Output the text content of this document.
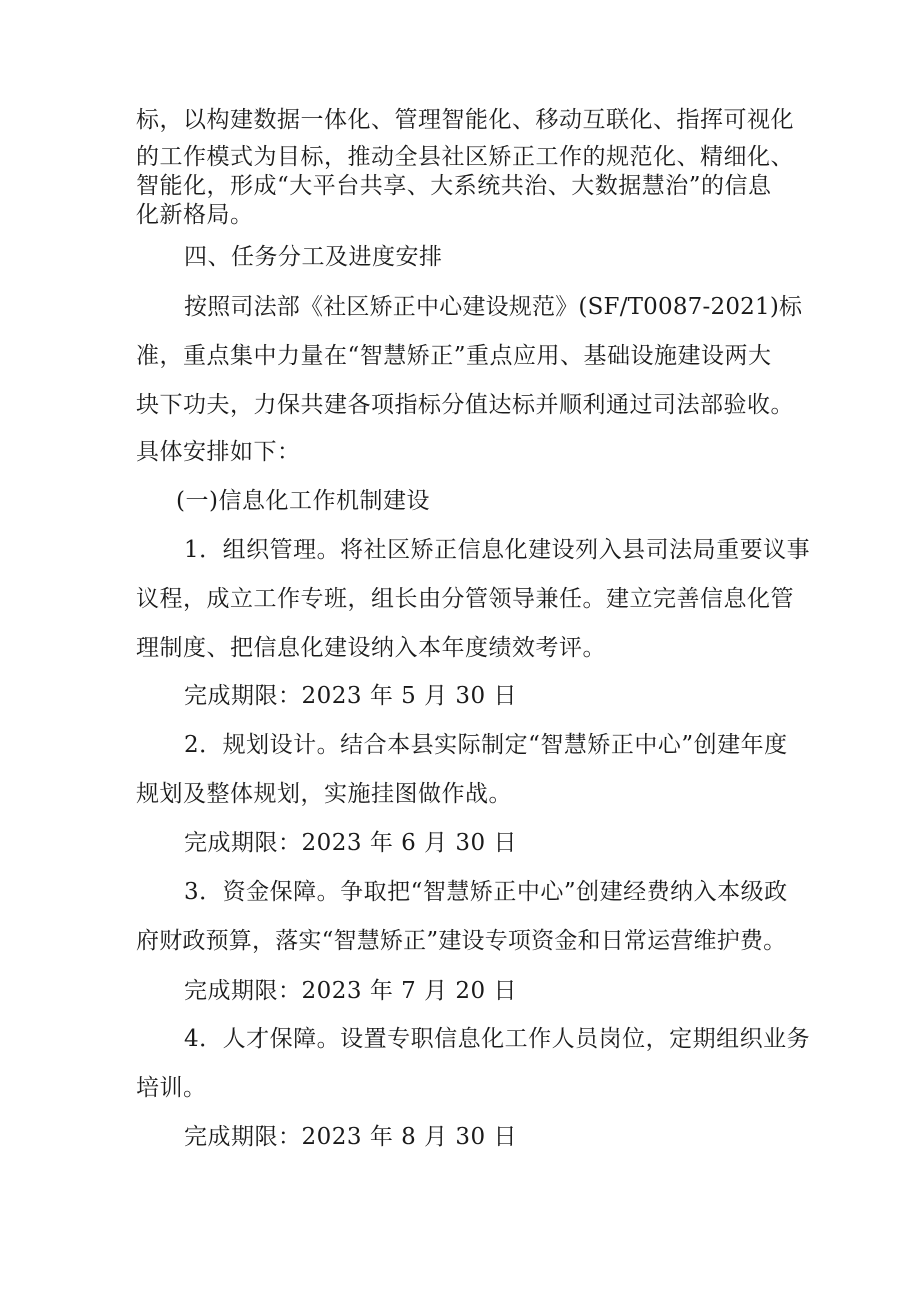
标，以构建数据一体化、管理智能化、移动互联化、指挥可视化
的工作模式为目标，推动全县社区矫正工作的规范化、精细化、
智能化，形成“大平台共享、大系统共治、大数据慧治”的信息
化新格局。
四、任务分工及进度安排
按照司法部《社区矫正中心建设规范》(SF/T0087-2021)标
准，重点集中力量在“智慧矫正”重点应用、基础设施建设两大
块下功夫，力保共建各项指标分值达标并顺利通过司法部验收。
具体安排如下：
(一)信息化工作机制建设
1．组织管理。将社区矫正信息化建设列入县司法局重要议事
议程，成立工作专班，组长由分管领导兼任。建立完善信息化管
理制度、把信息化建设纳入本年度绩效考评。
完成期限：2023 年 5 月 30 日
2．规划设计。结合本县实际制定“智慧矫正中心”创建年度
规划及整体规划，实施挂图做作战。
完成期限：2023 年 6 月 30 日
3．资金保障。争取把“智慧矫正中心”创建经费纳入本级政
府财政预算，落实“智慧矫正”建设专项资金和日常运营维护费。
完成期限：2023 年 7 月 20 日
4．人才保障。设置专职信息化工作人员岗位，定期组织业务
培训。
完成期限：2023 年 8 月 30 日
